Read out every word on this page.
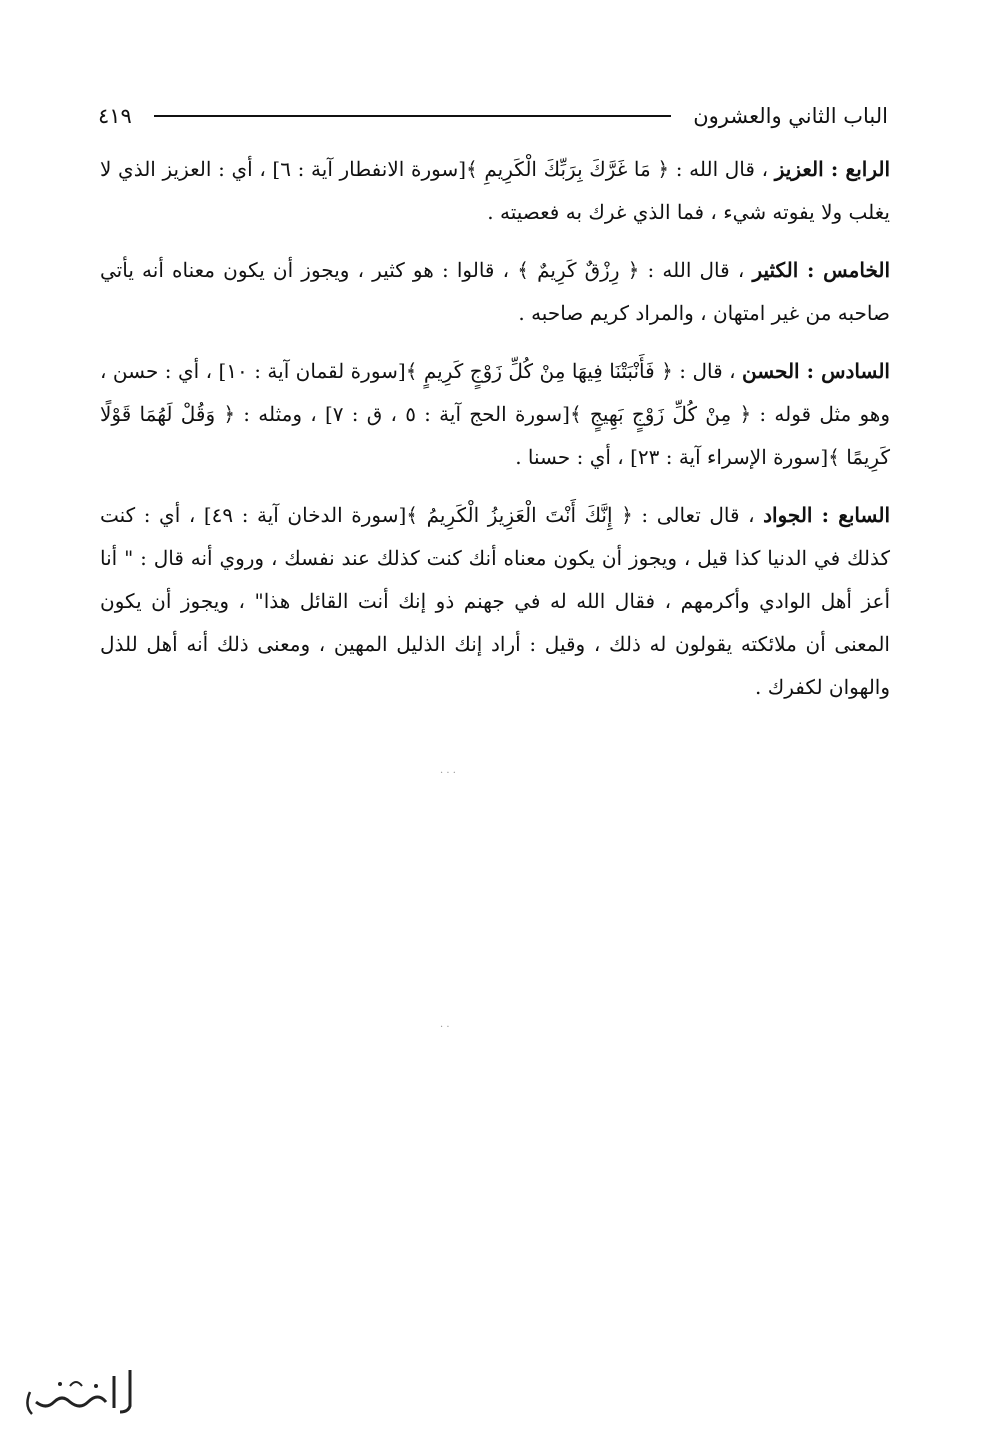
الباب الثاني والعشرون
٤١٩

الرابع : العزيز ، قال الله : ﴿ مَا غَرَّكَ بِرَبِّكَ الْكَرِيمِ ﴾[سورة الانفطار آية : ٦] ، أي : العزيز الذي لا يغلب ولا يفوته شيء ، فما الذي غرك به فعصيته .

الخامس : الكثير ، قال الله : ﴿ رِزْقٌ كَرِيمٌ ﴾ ، قالوا : هو كثير ، ويجوز أن يكون معناه أنه يأتي صاحبه من غير امتهان ، والمراد كريم صاحبه .

السادس : الحسن ، قال : ﴿ فَأَنْبَتْنَا فِيهَا مِنْ كُلِّ زَوْجٍ كَرِيمٍ ﴾[سورة لقمان آية : ١٠] ، أي : حسن ، وهو مثل قوله : ﴿ مِنْ كُلِّ زَوْجٍ بَهِيجٍ ﴾[سورة الحج آية : ٥ ، ق : ٧] ، ومثله : ﴿ وَقُلْ لَهُمَا قَوْلًا كَرِيمًا ﴾[سورة الإسراء آية : ٢٣] ، أي : حسنا .

السابع : الجواد ، قال تعالى : ﴿ إِنَّكَ أَنْتَ الْعَزِيزُ الْكَرِيمُ ﴾[سورة الدخان آية : ٤٩] ، أي : كنت كذلك في الدنيا كذا قيل ، ويجوز أن يكون معناه أنك كنت كذلك عند نفسك ، وروي أنه قال : " أنا أعز أهل الوادي وأكرمهم ، فقال الله له في جهنم ذو إنك أنت القائل هذا" ، ويجوز أن يكون المعنى أن ملائكته يقولون له ذلك ، وقيل : أراد إنك الذليل المهين ، ومعنى ذلك أنه أهل للذل والهوان لكفرك .

· · ·
· ·
